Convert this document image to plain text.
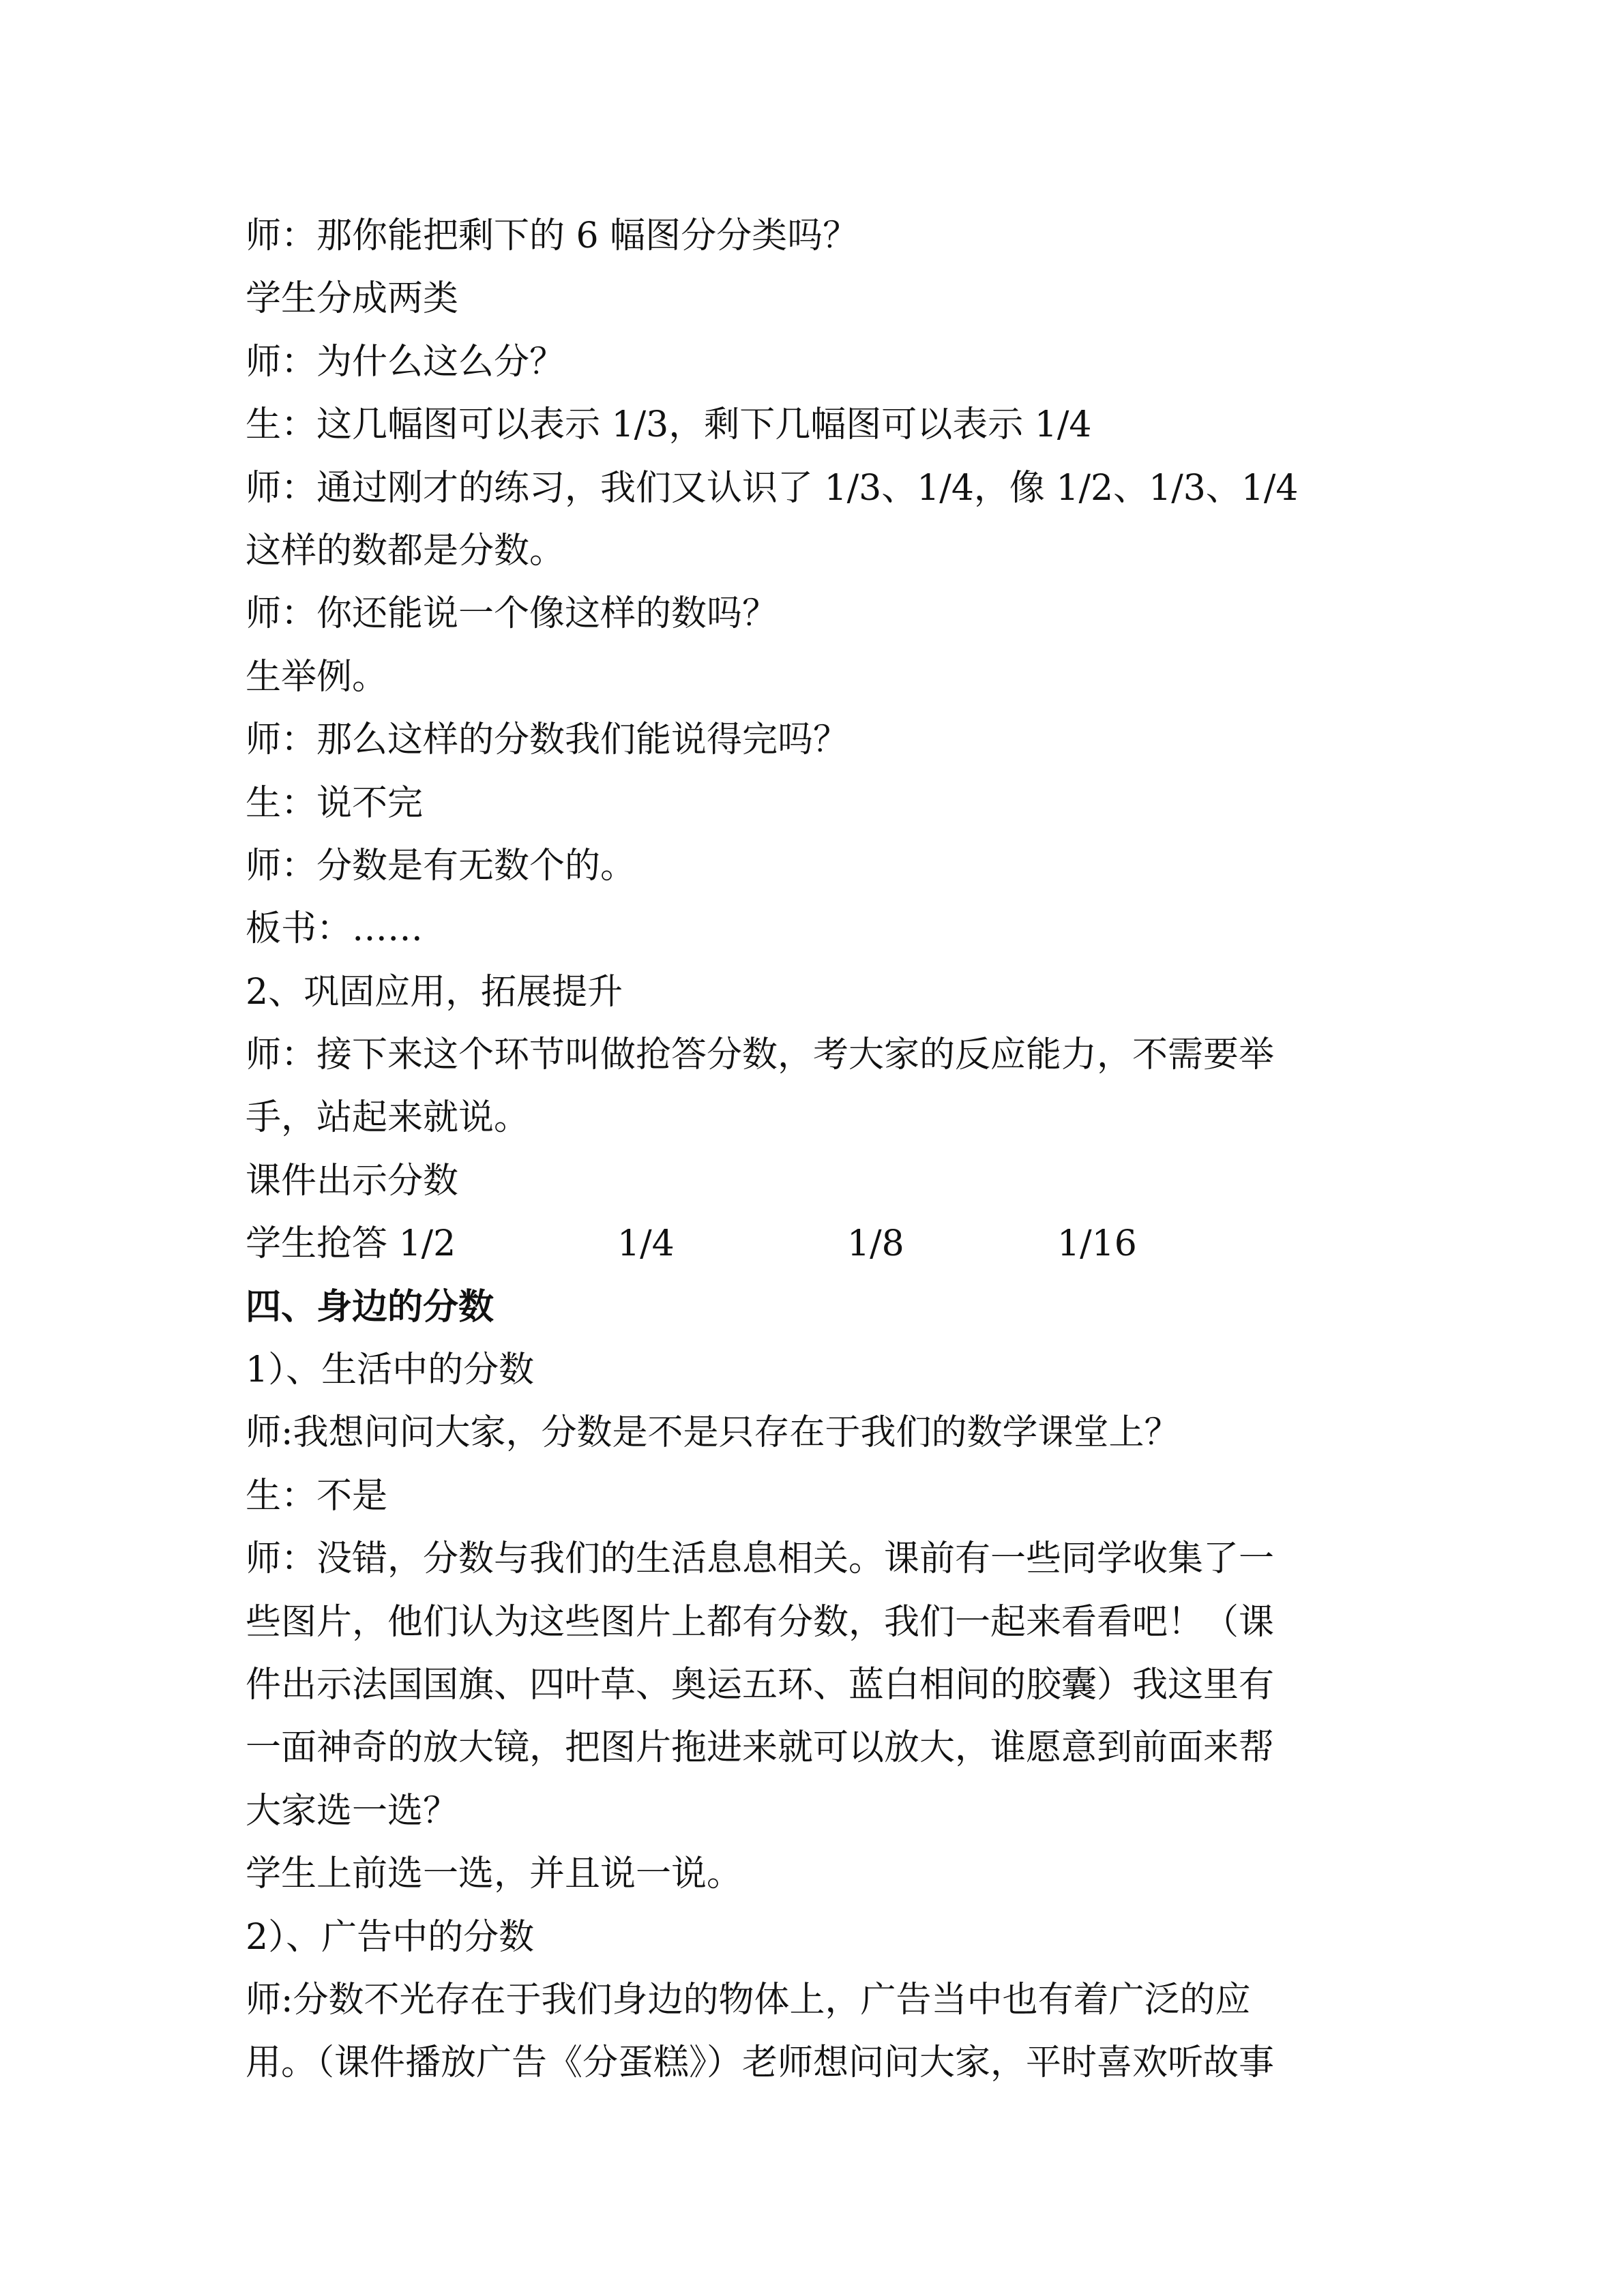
师：那你能把剩下的 6 幅图分分类吗？
学生分成两类
师：为什么这么分？
生：这几幅图可以表示 1/3，剩下几幅图可以表示 1/4
师：通过刚才的练习，我们又认识了 1/3、1/4，像 1/2、1/3、1/4
这样的数都是分数。
师：你还能说一个像这样的数吗？
生举例。
师：那么这样的分数我们能说得完吗？
生：说不完
师：分数是有无数个的。
板书：……
2、巩固应用，拓展提升
师：接下来这个环节叫做抢答分数，考大家的反应能力，不需要举
手，站起来就说。
课件出示分数
学生抢答 1/2	1/4	1/8	1/16
四、身边的分数
1）、生活中的分数
师:我想问问大家，分数是不是只存在于我们的数学课堂上？
生：不是
师：没错，分数与我们的生活息息相关。课前有一些同学收集了一
些图片，他们认为这些图片上都有分数，我们一起来看看吧！（课
件出示法国国旗、四叶草、奥运五环、蓝白相间的胶囊）我这里有
一面神奇的放大镜，把图片拖进来就可以放大，谁愿意到前面来帮
大家选一选？
学生上前选一选，并且说一说。
2）、广告中的分数
师:分数不光存在于我们身边的物体上，广告当中也有着广泛的应
用。（课件播放广告《分蛋糕》）老师想问问大家，平时喜欢听故事
